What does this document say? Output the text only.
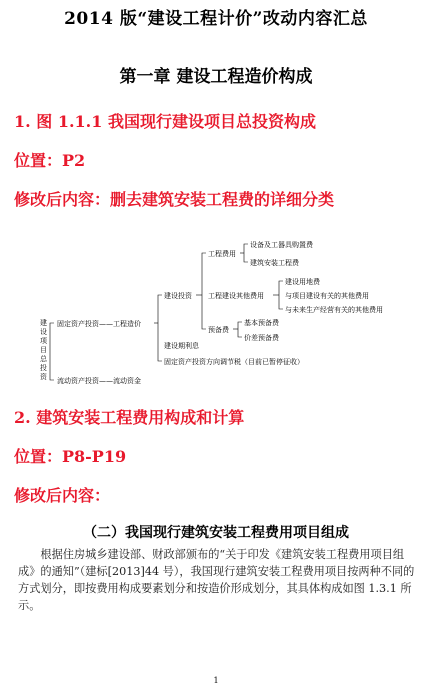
2014 版“建设工程计价”改动内容汇总
第一章 建设工程造价构成
1. 图 1.1.1 我国现行建设项目总投资构成
位置：P2
修改后内容：删去建筑安装工程费的详细分类
建
设
项
目
总
投
资
固定资产投资——工程造价
流动资产投资——流动资金
建设投资
建设期利息
固定资产投资方向调节税（目前已暂停征收）
工程费用
工程建设其他费用
预备费
设备及工器具购置费
建筑安装工程费
建设用地费
与项目建设有关的其他费用
与未来生产经营有关的其他费用
基本预备费
价差预备费
2. 建筑安装工程费用构成和计算
位置：P8-P19
修改后内容：
（二）我国现行建筑安装工程费用项目组成
根据住房城乡建设部、财政部颁布的“关于印发《建筑安装工程费用项目组成》的通知”（建标[2013]44 号），我国现行建筑安装工程费用项目按两种不同的方式划分，即按费用构成要素划分和按造价形成划分，其具体构成如图 1.3.1 所示。
1
